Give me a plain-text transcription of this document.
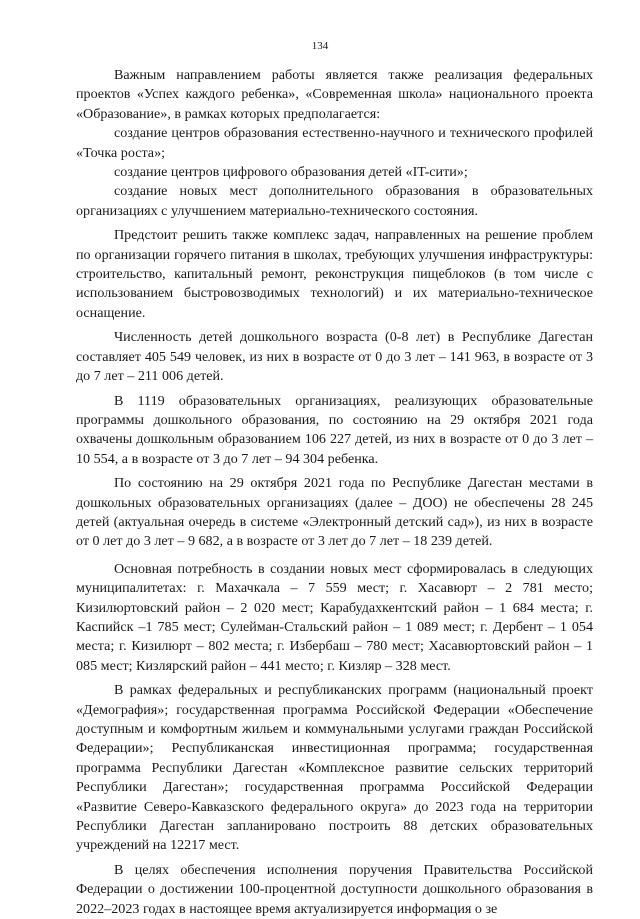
134

Важным направлением работы является также реализация федеральных проектов «Успех каждого ребенка», «Современная школа» национального проекта «Образование», в рамках которых предполагается:

создание центров образования естественно-научного и технического профилей «Точка роста»;

создание центров цифрового образования детей «IT-сити»;

создание новых мест дополнительного образования в образовательных организациях с улучшением материально-технического состояния.

Предстоит решить также комплекс задач, направленных на решение проблем по организации горячего питания в школах, требующих улучшения инфраструктуры: строительство, капитальный ремонт, реконструкция пищеблоков (в том числе с использованием быстровозводимых технологий) и их материально-техническое оснащение.

Численность детей дошкольного возраста (0-8 лет) в Республике Дагестан составляет 405 549 человек, из них в возрасте от 0 до 3 лет – 141 963, в возрасте от 3 до 7 лет – 211 006 детей.

В 1119 образовательных организациях, реализующих образовательные программы дошкольного образования, по состоянию на 29 октября 2021 года охвачены дошкольным образованием 106 227 детей, из них в возрасте от 0 до 3 лет – 10 554, а в возрасте от 3 до 7 лет – 94 304 ребенка.

По состоянию на 29 октября 2021 года по Республике Дагестан местами в дошкольных образовательных организациях (далее – ДОО) не обеспечены 28 245 детей (актуальная очередь в системе «Электронный детский сад»), из них в возрасте от 0 лет до 3 лет – 9 682, а в возрасте от 3 лет до 7 лет – 18 239 детей.

Основная потребность в создании новых мест сформировалась в следующих муниципалитетах: г. Махачкала – 7 559 мест; г. Хасавюрт – 2 781 место; Кизилюртовский район – 2 020 мест; Карабудахкентский район – 1 684 места; г. Каспийск –1 785 мест; Сулейман-Стальский район – 1 089 мест; г. Дербент – 1 054 места; г. Кизилюрт – 802 места; г. Избербаш – 780 мест; Хасавюртовский район – 1 085 мест; Кизлярский район – 441 место; г. Кизляр – 328 мест.

В рамках федеральных и республиканских программ (национальный проект «Демография»; государственная программа Российской Федерации «Обеспечение доступным и комфортным жильем и коммунальными услугами граждан Российской Федерации»; Республиканская инвестиционная программа; государственная программа Республики Дагестан «Комплексное развитие сельских территорий Республики Дагестан»; государственная программа Российской Федерации «Развитие Северо-Кавказского федерального округа» до 2023 года на территории Республики Дагестан запланировано построить 88 детских образовательных учреждений на 12217 мест.

В целях обеспечения исполнения поручения Правительства Российской Федерации о достижении 100-процентной доступности дошкольного образования в 2022–2023 годах в настоящее время актуализируется информация о зе
